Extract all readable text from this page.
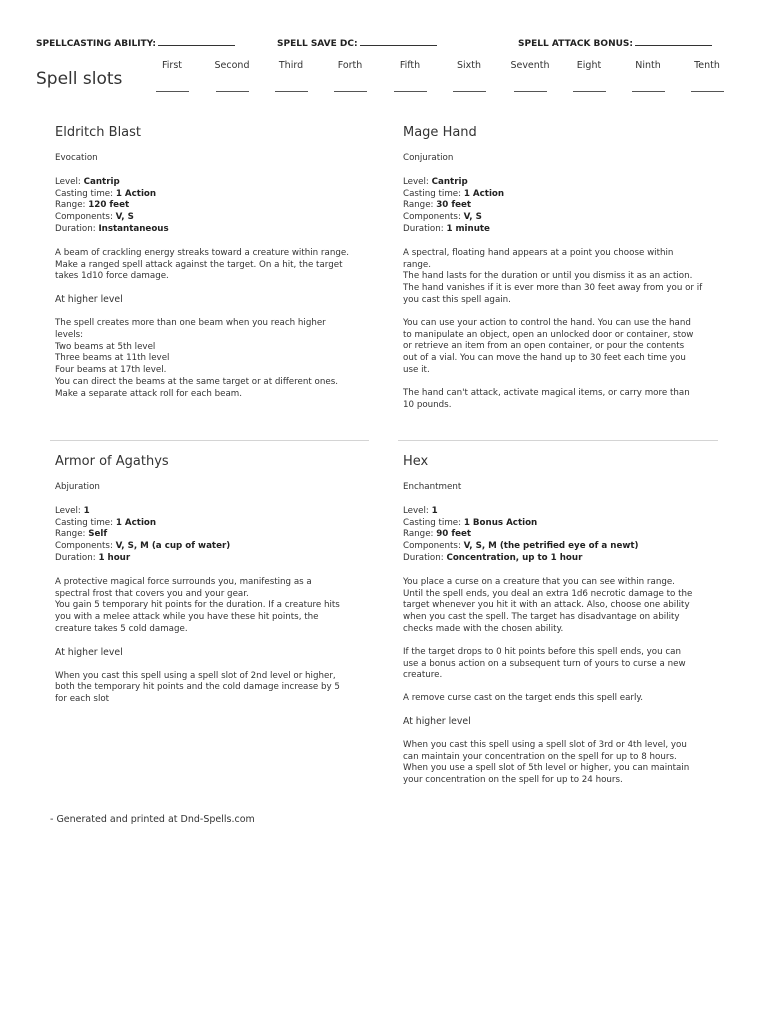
SPELLCASTING ABILITY:	SPELL SAVE DC:	SPELL ATTACK BONUS:
Spell slots
First	Second	Third	Forth	Fifth	Sixth	Seventh	Eight	Ninth	Tenth
Eldritch Blast
Evocation

Level: Cantrip

Casting time: 1 Action

Range: 120 feet

Components: V, S

Duration: Instantaneous

A beam of crackling energy streaks toward a creature within range.
Make a ranged spell attack against the target. On a hit, the target
takes 1d10 force damage.

At higher level

The spell creates more than one beam when you reach higher
levels:
Two beams at 5th level
Three beams at 11th level
Four beams at 17th level.
You can direct the beams at the same target or at different ones.
Make a separate attack roll for each beam.

Mage Hand
Conjuration

Level: Cantrip

Casting time: 1 Action

Range: 30 feet

Components: V, S

Duration: 1 minute

A spectral, floating hand appears at a point you choose within
range.
The hand lasts for the duration or until you dismiss it as an action.
The hand vanishes if it is ever more than 30 feet away from you or if
you cast this spell again.

You can use your action to control the hand. You can use the hand
to manipulate an object, open an unlocked door or container, stow
or retrieve an item from an open container, or pour the contents
out of a vial. You can move the hand up to 30 feet each time you
use it.

The hand can't attack, activate magical items, or carry more than
10 pounds.

Armor of Agathys
Abjuration

Level: 1

Casting time: 1 Action

Range: Self

Components: V, S, M (a cup of water)

Duration: 1 hour

A protective magical force surrounds you, manifesting as a
spectral frost that covers you and your gear.
You gain 5 temporary hit points for the duration. If a creature hits
you with a melee attack while you have these hit points, the
creature takes 5 cold damage.

At higher level

When you cast this spell using a spell slot of 2nd level or higher,
both the temporary hit points and the cold damage increase by 5
for each slot

Hex
Enchantment

Level: 1

Casting time: 1 Bonus Action

Range: 90 feet

Components: V, S, M (the petrified eye of a newt)

Duration: Concentration, up to 1 hour

You place a curse on a creature that you can see within range.
Until the spell ends, you deal an extra 1d6 necrotic damage to the
target whenever you hit it with an attack. Also, choose one ability
when you cast the spell. The target has disadvantage on ability
checks made with the chosen ability.

If the target drops to 0 hit points before this spell ends, you can
use a bonus action on a subsequent turn of yours to curse a new
creature.

A remove curse cast on the target ends this spell early.

At higher level

When you cast this spell using a spell slot of 3rd or 4th level, you
can maintain your concentration on the spell for up to 8 hours.
When you use a spell slot of 5th level or higher, you can maintain
your concentration on the spell for up to 24 hours.

- Generated and printed at Dnd-Spells.com
